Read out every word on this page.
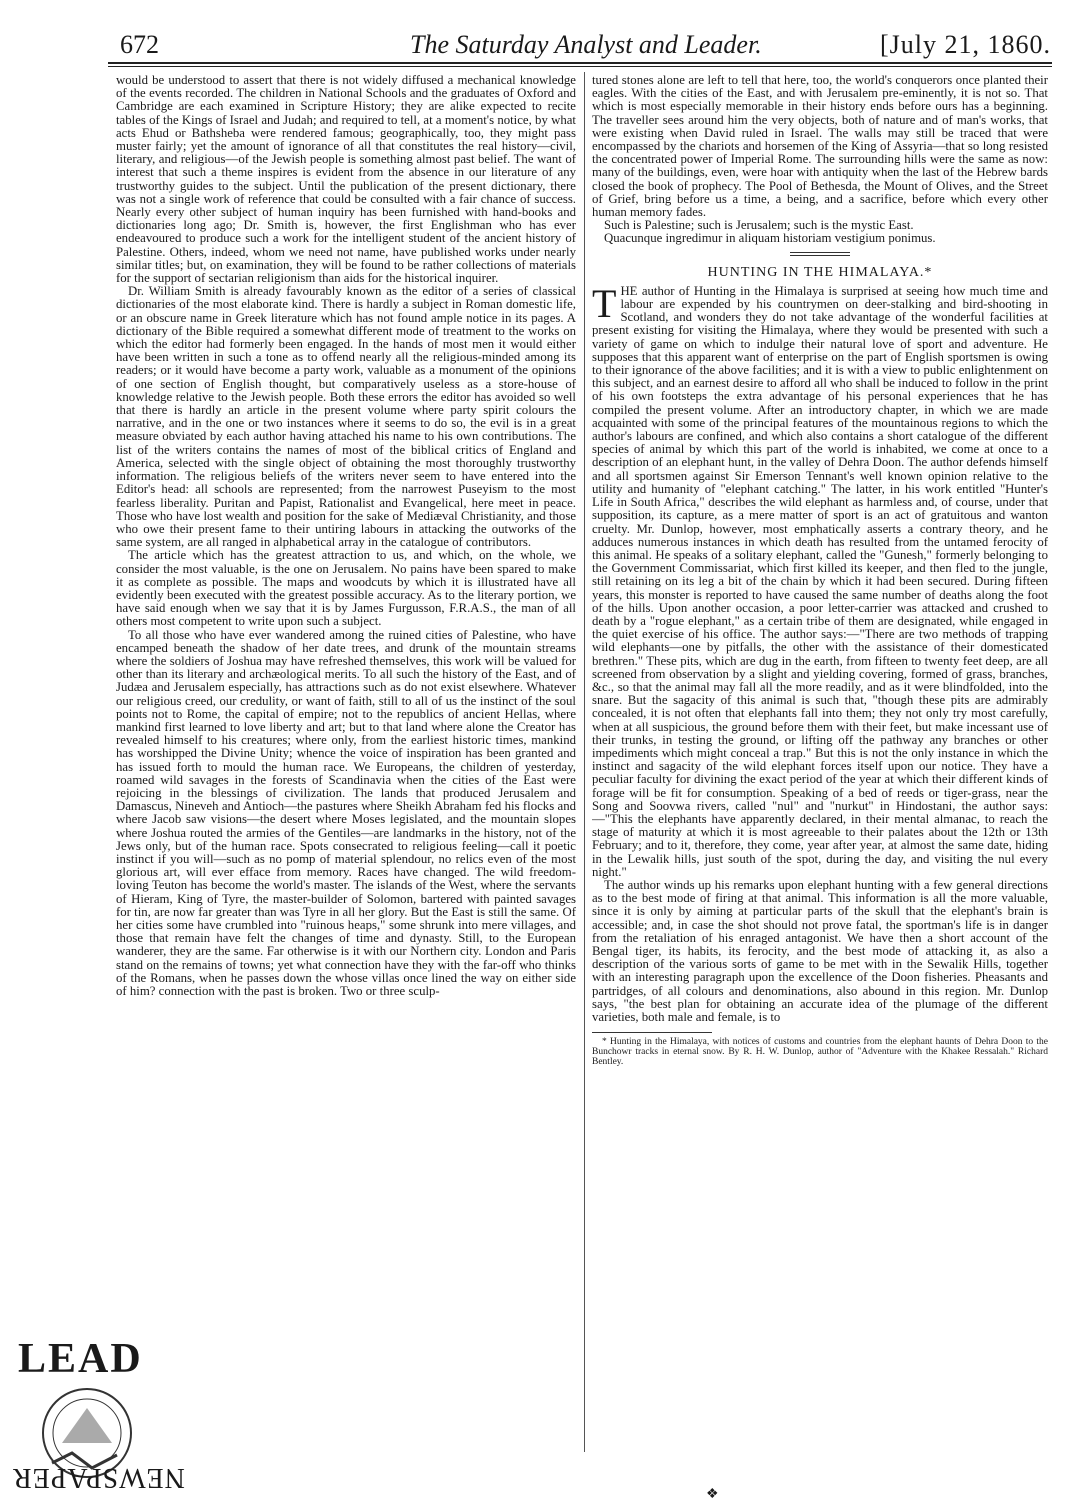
672	The Saturday Analyst and Leader.	[July 21, 1860.

would be understood to assert that there is not widely diffused a mechanical knowledge of the events recorded. The children in National Schools and the graduates of Oxford and Cambridge are each examined in Scripture History; they are alike expected to recite tables of the Kings of Israel and Judah; and required to tell, at a moment's notice, by what acts Ehud or Bathsheba were rendered famous; geographically, too, they might pass muster fairly; yet the amount of ignorance of all that constitutes the real history—civil, literary, and religious—of the Jewish people is something almost past belief. The want of interest that such a theme inspires is evident from the absence in our literature of any trustworthy guides to the subject. Until the publication of the present dictionary, there was not a single work of reference that could be consulted with a fair chance of success. Nearly every other subject of human inquiry has been furnished with hand-books and dictionaries long ago; Dr. Smith is, however, the first Englishman who has ever endeavoured to produce such a work for the intelligent student of the ancient history of Palestine. Others, indeed, whom we need not name, have published works under nearly similar titles; but, on examination, they will be found to be rather collections of materials for the support of sectarian religionism than aids for the historical inquirer.

Dr. William Smith is already favourably known as the editor of a series of classical dictionaries of the most elaborate kind. There is hardly a subject in Roman domestic life, or an obscure name in Greek literature which has not found ample notice in its pages. A dictionary of the Bible required a somewhat different mode of treatment to the works on which the editor had formerly been engaged. In the hands of most men it would either have been written in such a tone as to offend nearly all the religious-minded among its readers; or it would have become a party work, valuable as a monument of the opinions of one section of English thought, but comparatively useless as a store-house of knowledge relative to the Jewish people. Both these errors the editor has avoided so well that there is hardly an article in the present volume where party spirit colours the narrative, and in the one or two instances where it seems to do so, the evil is in a great measure obviated by each author having attached his name to his own contributions. The list of the writers contains the names of most of the biblical critics of England and America, selected with the single object of obtaining the most thoroughly trustworthy information. The religious beliefs of the writers never seem to have entered into the Editor's head: all schools are represented; from the narrowest Puseyism to the most fearless liberality. Puritan and Papist, Rationalist and Evangelical, here meet in peace. Those who have lost wealth and position for the sake of Mediæval Christianity, and those who owe their present fame to their untiring labours in attacking the outworks of the same system, are all ranged in alphabetical array in the catalogue of contributors.

The article which has the greatest attraction to us, and which, on the whole, we consider the most valuable, is the one on Jerusalem. No pains have been spared to make it as complete as possible. The maps and woodcuts by which it is illustrated have all evidently been executed with the greatest possible accuracy. As to the literary portion, we have said enough when we say that it is by James Furgusson, F.R.A.S., the man of all others most competent to write upon such a subject.

To all those who have ever wandered among the ruined cities of Palestine, who have encamped beneath the shadow of her date trees, and drunk of the mountain streams where the soldiers of Joshua may have refreshed themselves, this work will be valued for other than its literary and archæological merits. To all such the history of the East, and of Judæa and Jerusalem especially, has attractions such as do not exist elsewhere. Whatever our religious creed, our credulity, or want of faith, still to all of us the instinct of the soul points not to Rome, the capital of empire; not to the republics of ancient Hellas, where mankind first learned to love liberty and art; but to that land where alone the Creator has revealed himself to his creatures; where only, from the earliest historic times, mankind has worshipped the Divine Unity; whence the voice of inspiration has been granted and has issued forth to mould the human race. We Europeans, the children of yesterday, roamed wild savages in the forests of Scandinavia when the cities of the East were rejoicing in the blessings of civilization. The lands that produced Jerusalem and Damascus, Nineveh and Antioch—the pastures where Sheikh Abraham fed his flocks and where Jacob saw visions—the desert where Moses legislated, and the mountain slopes where Joshua routed the armies of the Gentiles—are landmarks in the history, not of the Jews only, but of the human race. Spots consecrated to religious feeling—call it poetic instinct if you will—such as no pomp of material splendour, no relics even of the most glorious art, will ever efface from memory. Races have changed. The wild freedom-loving Teuton has become the world's master. The islands of the West, where the servants of Hieram, King of Tyre, the master-builder of Solomon, bartered with painted savages for tin, are now far greater than was Tyre in all her glory. But the East is still the same. Of her cities some have crumbled into "ruinous heaps," some shrunk into mere villages, and those that remain have felt the changes of time and dynasty. Still, to the European wanderer, they are the same. Far otherwise is it with our Northern city. London and Paris stand on the remains of towns; yet what connection have they with the far-off who thinks of the Romans, when he passes down the whose villas once lined the way on either side of him? connection with the past is broken. Two or three sculp-

tured stones alone are left to tell that here, too, the world's conquerors once planted their eagles. With the cities of the East, and with Jerusalem pre-eminently, it is not so. That which is most especially memorable in their history ends before ours has a beginning. The traveller sees around him the very objects, both of nature and of man's works, that were existing when David ruled in Israel. The walls may still be traced that were encompassed by the chariots and horsemen of the King of Assyria—that so long resisted the concentrated power of Imperial Rome. The surrounding hills were the same as now: many of the buildings, even, were hoar with antiquity when the last of the Hebrew bards closed the book of prophecy. The Pool of Bethesda, the Mount of Olives, and the Street of Grief, bring before us a time, a being, and a sacrifice, before which every other human memory fades.

Such is Palestine; such is Jerusalem; such is the mystic East.

Quacunque ingredimur in aliquam historiam vestigium ponimus.

HUNTING IN THE HIMALAYA.*

THE author of Hunting in the Himalaya is surprised at seeing how much time and labour are expended by his countrymen on deer-stalking and bird-shooting in Scotland, and wonders they do not take advantage of the wonderful facilities at present existing for visiting the Himalaya, where they would be presented with such a variety of game on which to indulge their natural love of sport and adventure. He supposes that this apparent want of enterprise on the part of English sportsmen is owing to their ignorance of the above facilities; and it is with a view to public enlightenment on this subject, and an earnest desire to afford all who shall be induced to follow in the print of his own footsteps the extra advantage of his personal experiences that he has compiled the present volume. After an introductory chapter, in which we are made acquainted with some of the principal features of the mountainous regions to which the author's labours are confined, and which also contains a short catalogue of the different species of animal by which this part of the world is inhabited, we come at once to a description of an elephant hunt, in the valley of Dehra Doon. The author defends himself and all sportsmen against Sir Emerson Tennant's well known opinion relative to the utility and humanity of "elephant catching." The latter, in his work entitled "Hunter's Life in South Africa," describes the wild elephant as harmless and, of course, under that supposition, its capture, as a mere matter of sport is an act of gratuitous and wanton cruelty. Mr. Dunlop, however, most emphatically asserts a contrary theory, and he adduces numerous instances in which death has resulted from the untamed ferocity of this animal. He speaks of a solitary elephant, called the "Gunesh," formerly belonging to the Government Commissariat, which first killed its keeper, and then fled to the jungle, still retaining on its leg a bit of the chain by which it had been secured. During fifteen years, this monster is reported to have caused the same number of deaths along the foot of the hills. Upon another occasion, a poor letter-carrier was attacked and crushed to death by a "rogue elephant," as a certain tribe of them are designated, while engaged in the quiet exercise of his office. The author says:—"There are two methods of trapping wild elephants—one by pitfalls, the other with the assistance of their domesticated brethren." These pits, which are dug in the earth, from fifteen to twenty feet deep, are all screened from observation by a slight and yielding covering, formed of grass, branches, &c., so that the animal may fall all the more readily, and as it were blindfolded, into the snare. But the sagacity of this animal is such that, "though these pits are admirably concealed, it is not often that elephants fall into them; they not only try most carefully, when at all suspicious, the ground before them with their feet, but make incessant use of their trunks, in testing the ground, or lifting off the pathway any branches or other impediments which might conceal a trap." But this is not the only instance in which the instinct and sagacity of the wild elephant forces itself upon our notice. They have a peculiar faculty for divining the exact period of the year at which their different kinds of forage will be fit for consumption. Speaking of a bed of reeds or tiger-grass, near the Song and Soovwa rivers, called "nul" and "nurkut" in Hindostani, the author says:—"This the elephants have apparently declared, in their mental almanac, to reach the stage of maturity at which it is most agreeable to their palates about the 12th or 13th February; and to it, therefore, they come, year after year, at almost the same date, hiding in the Lewalik hills, just south of the spot, during the day, and visiting the nul every night."

The author winds up his remarks upon elephant hunting with a few general directions as to the best mode of firing at that animal. This information is all the more valuable, since it is only by aiming at particular parts of the skull that the elephant's brain is accessible; and, in case the shot should not prove fatal, the sportman's life is in danger from the retaliation of his enraged antagonist. We have then a short account of the Bengal tiger, its habits, its ferocity, and the best mode of attacking it, as also a description of the various sorts of game to be met with in the Sewalik Hills, together with an interesting paragraph upon the excellence of the Doon fisheries. Pheasants and partridges, of all colours and denominations, also abound in this region. Mr. Dunlop says, "the best plan for obtaining an accurate idea of the plumage of the different varieties, both male and female, is to

* Hunting in the Himalaya, with notices of customs and countries from the elephant haunts of Dehra Doon to the Bunchowr tracks in eternal snow. By R. H. W. Dunlop, author of "Adventure with the Khakee Ressalah." Richard Bentley.

LEAD
NEWSPAPER
❖
